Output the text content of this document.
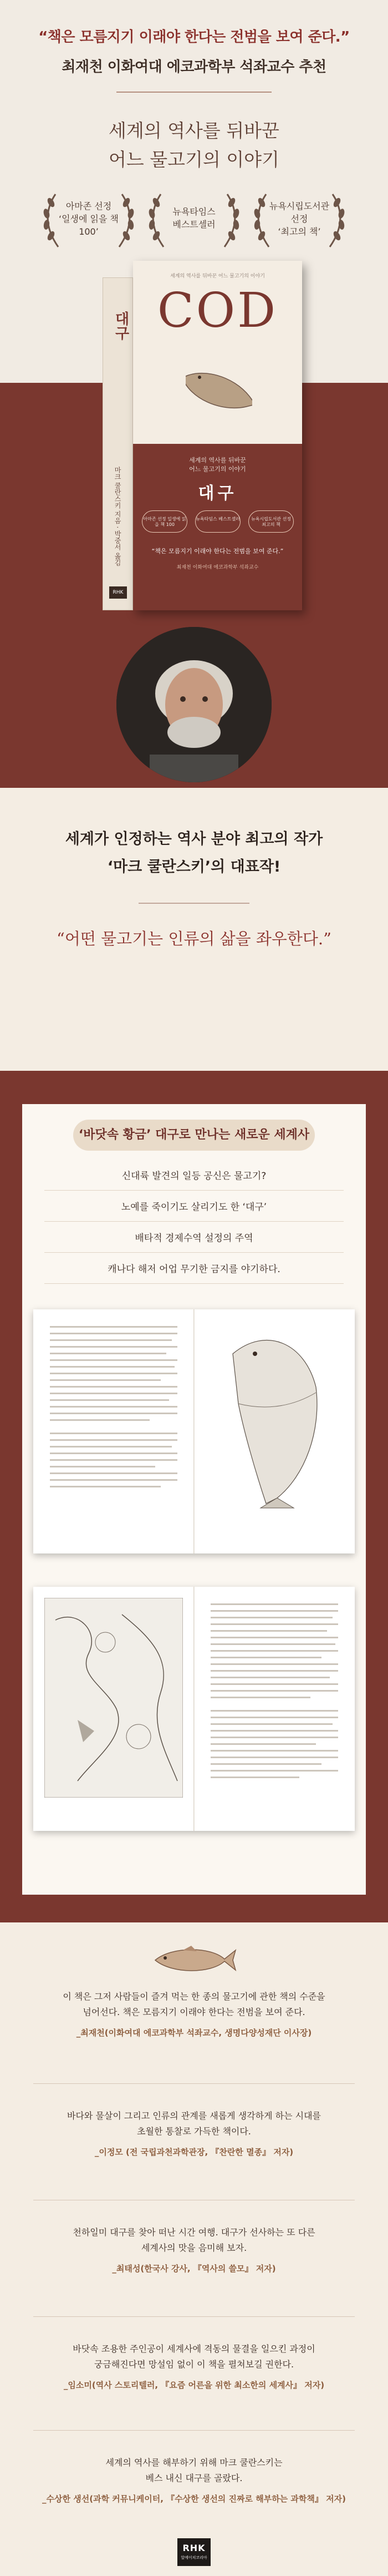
“책은 모름지기 이래야 한다는 전범을 보여 준다.”
최재천 이화여대 에코과학부 석좌교수 추천
세계의 역사를 뒤바꾼
어느 물고기의 이야기
아마존 선정
‘일생에 읽을 책
100’
뉴욕타임스
베스트셀러
뉴욕시립도서관
선정
‘최고의 책’
대구
마크 쿨란스키 지음 · 박중서 옮김
RHK
세계의 역사를 뒤바꾼 어느 물고기의 이야기
COD
세계의 역사를 뒤바꾼
어느 물고기의 이야기
대구
아마존 선정 일생에 읽을 책 100
뉴욕타임스 베스트셀러	뉴욕시립도서관 선정 최고의 책
“책은 모름지기 이래야 한다는 전범을 보여 준다.”
최재천 이화여대 에코과학부 석좌교수
세계가 인정하는 역사 분야 최고의 작가
‘마크 쿨란스키’의 대표작!
“어떤 물고기는 인류의 삶을 좌우한다.”
‘바닷속 황금’ 대구로 만나는 새로운 세계사
신대륙 발견의 일등 공신은 물고기?
노예를 죽이기도 살리기도 한 ‘대구’
배타적 경제수역 설정의 주역
캐나다 해저 어업 무기한 금지를 야기하다.
이 책은 그저 사람들이 즐겨 먹는 한 종의 물고기에 관한 책의 수준을
넘어선다. 책은 모름지기 이래야 한다는 전범을 보여 준다.
_최재천(이화여대 에코과학부 석좌교수, 생명다양성재단 이사장)
바다와 물살이 그리고 인류의 관계를 새롭게 생각하게 하는 시대를
초월한 통찰로 가득한 책이다.
_이정모 (전 국립과천과학관장, 『찬란한 멸종』 저자)
천하일미 대구를 찾아 떠난 시간 여행. 대구가 선사하는 또 다른
세계사의 맛을 음미해 보자.
_최태성(한국사 강사, 『역사의 쓸모』 저자)
바닷속 조용한 주인공이 세계사에 격동의 물결을 일으킨 과정이
궁금해진다면 망설임 없이 이 책을 펼쳐보길 권한다.
_임소미(역사 스토리텔러, 『요즘 어른을 위한 최소한의 세계사』 저자)
세계의 역사를 해부하기 위해 마크 쿨란스키는
베스 내신 대구를 골랐다.
_수상한 생선(과학 커뮤니케이터, 『수상한 생선의 진짜로 해부하는 과학책』 저자)
RHK
알에이치코리아
